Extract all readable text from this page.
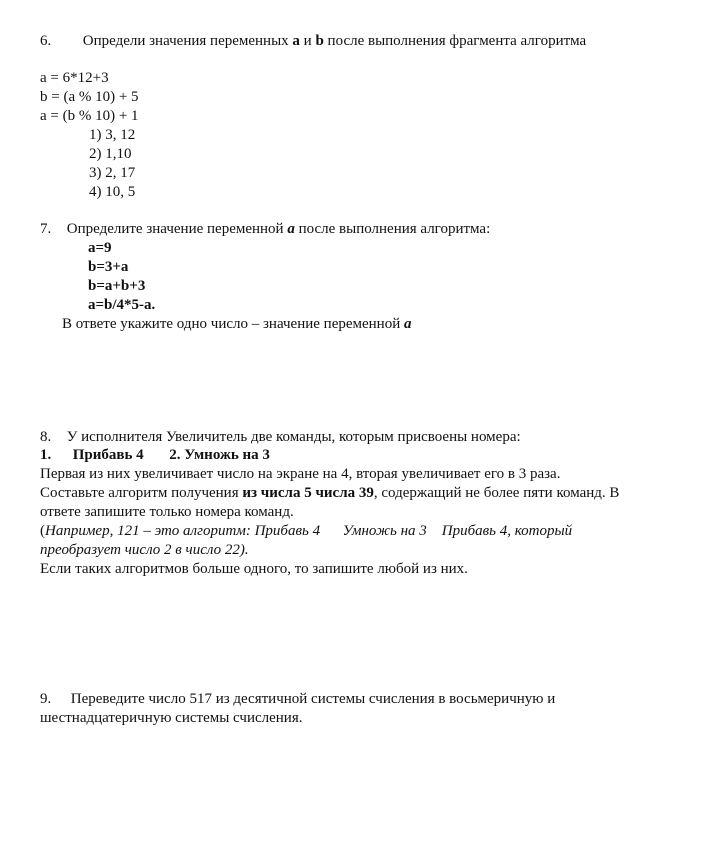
6. Определи значения переменных a и b после выполнения фрагмента алгоритма
a = 6*12+3
b = (a % 10) + 5
a = (b % 10) + 1
1) 3, 12
2) 1,10
3) 2, 17
4) 10, 5
7. Определите значение переменной a после выполнения алгоритма:
a=9
b=3+a
b=a+b+3
a=b/4*5-a.
В ответе укажите одно число – значение переменной a
8. У исполнителя Увеличитель две команды, которым присвоены номера:
1. Прибавь 4 2. Умножь на 3
Первая из них увеличивает число на экране на 4, вторая увеличивает его в 3 раза.
Составьте алгоритм получения из числа 5 числа 39, содержащий не более пяти команд. В
ответе запишите только номера команд.
(Например, 121 – это алгоритм: Прибавь 4      Умножь на 3    Прибавь 4, который
преобразует число 2 в число 22).
Если таких алгоритмов больше одного, то запишите любой из них.
9. Переведите число 517 из десятичной системы счисления в восьмеричную и
шестнадцатеричную системы счисления.
